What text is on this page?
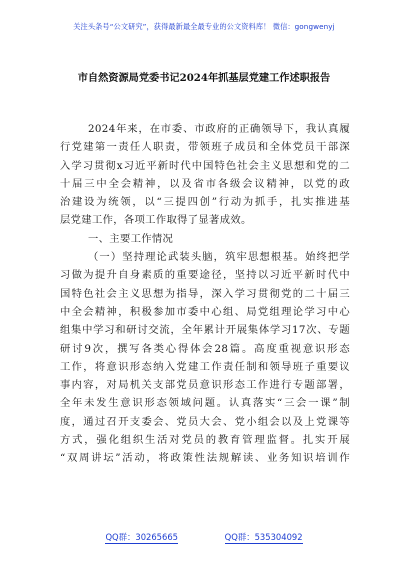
关注头条号“公文研究”，获得最新最全最专业的公文资料库！ 微信：gongwenyj
市自然资源局党委书记2024年抓基层党建工作述职报告
2024年来，在市委、市政府的正确领导下，我认真履
行党建第一责任人职责，带领班子成员和全体党员干部深
入学习贯彻x习近平新时代中国特色社会主义思想和党的二
十届三中全会精神，以及省市各级会议精神，以党的政
治建设为统领，以“三提四创”行动为抓手，扎实推进基
层党建工作，各项工作取得了显著成效。
一、主要工作情况
（一）坚持理论武装头脑，筑牢思想根基。始终把学
习做为提升自身素质的重要途径，坚持以习近平新时代中
国特色社会主义思想为指导，深入学习贯彻党的二十届三
中全会精神，积极参加市委中心组、局党组理论学习中心
组集中学习和研讨交流，全年累计开展集体学习17次、专题
研讨9次，撰写各类心得体会28篇。高度重视意识形态
工作，将意识形态纳入党建工作责任制和领导班子重要议
事内容，对局机关支部党员意识形态工作进行专题部署，
全年未发生意识形态领域问题。认真落实“三会一课”制
度，通过召开支委会、党员大会、党小组会以及上党课等
方式，强化组织生活对党员的教育管理监督。扎实开展
“双周讲坛”活动，将政策性法规解读、业务知识培训作
QQ群：30265665	QQ群：535304092
